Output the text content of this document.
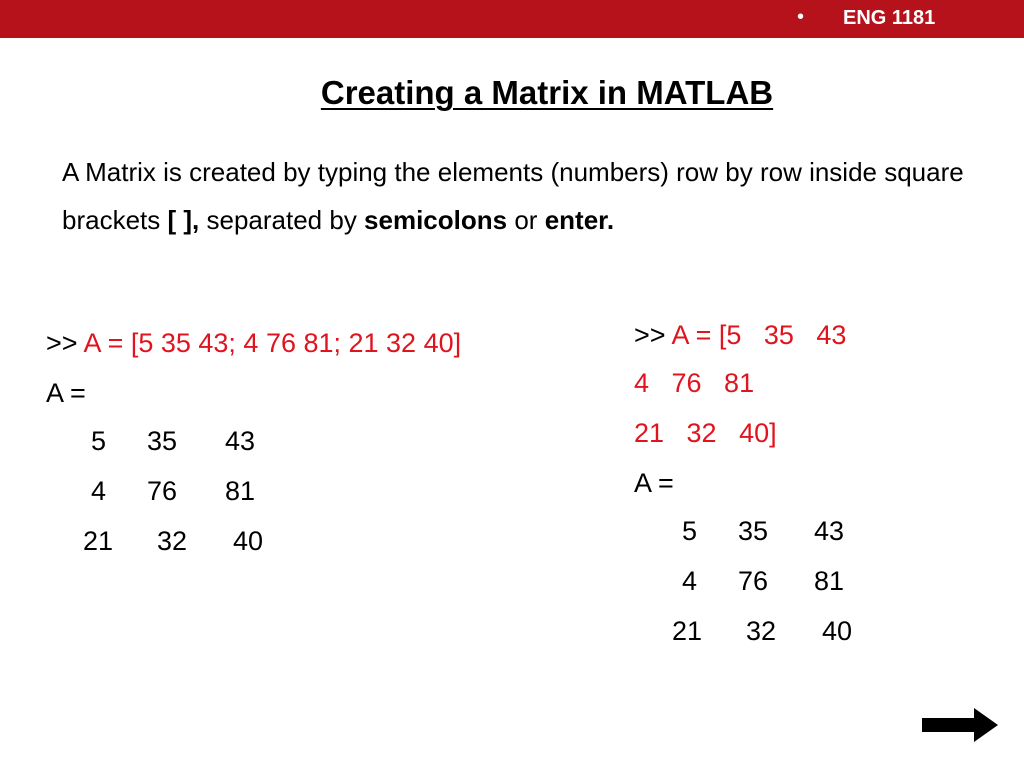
• ENG 1181
Creating a Matrix in MATLAB

A Matrix is created by typing the elements (numbers) row by row inside square brackets [ ], separated by semicolons or enter.

>> A = [5 35 43; 4 76 81; 21 32 40]

A =

5 35 43
4 76 81
21 32 40

>> A = [5   35   43

4   76   81

21   32   40]

A =

5 35 43
4 76 81
21 32 40
